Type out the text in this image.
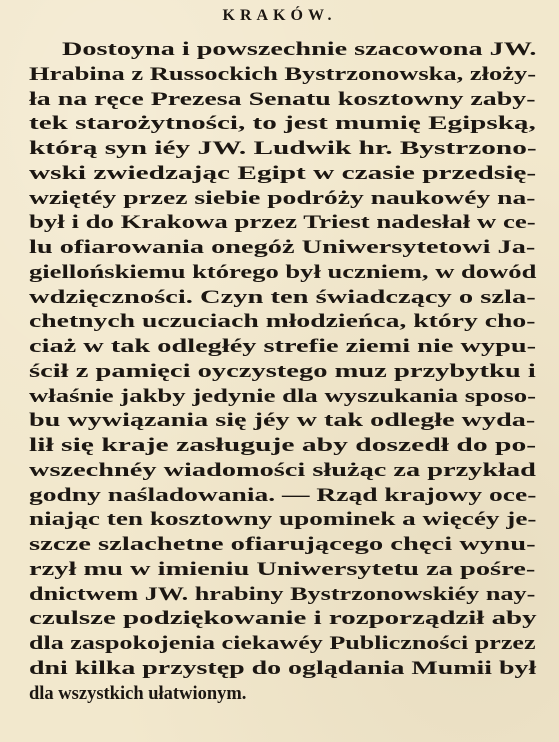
KRAKÓW.
Dostoyna i powszechnie szacowona JW.
Hrabina z Russockich Bystrzonowska, złoży-
ła na ręce Prezesa Senatu kosztowny zaby-
tek starożytności, to jest mumię Egipską,
którą syn iéy JW. Ludwik hr. Bystrzono-
wski zwiedzając Egipt w czasie przedsię-
wziętéy przez siebie podróży naukowéy na-
był i do Krakowa przez Triest nadesłał w ce-
lu ofiarowania onegóż Uniwersytetowi Ja-
giellońskiemu którego był uczniem, w dowód
wdzięczności. Czyn ten świadczący o szla-
chetnych uczuciach młodzieńca, który cho-
ciaż w tak odległéy strefie ziemi nie wypu-
ścił z pamięci oyczystego muz przybytku i
właśnie jakby jedynie dla wyszukania sposo-
bu wywiązania się jéy w tak odległe wyda-
lił się kraje zasługuje aby doszedł do po-
wszechnéy wiadomości służąc za przykład
godny naśladowania. — Rząd krajowy oce-
niając ten kosztowny upominek a więcéy je-
szcze szlachetne ofiarującego chęci wynu-
rzył mu w imieniu Uniwersytetu za pośre-
dnictwem JW. hrabiny Bystrzonowskiéy nay-
czulsze podziękowanie i rozporządził aby
dla zaspokojenia ciekawéy Publiczności przez
dni kilka przystęp do oglądania Mumii był
dla wszystkich ułatwionym.
